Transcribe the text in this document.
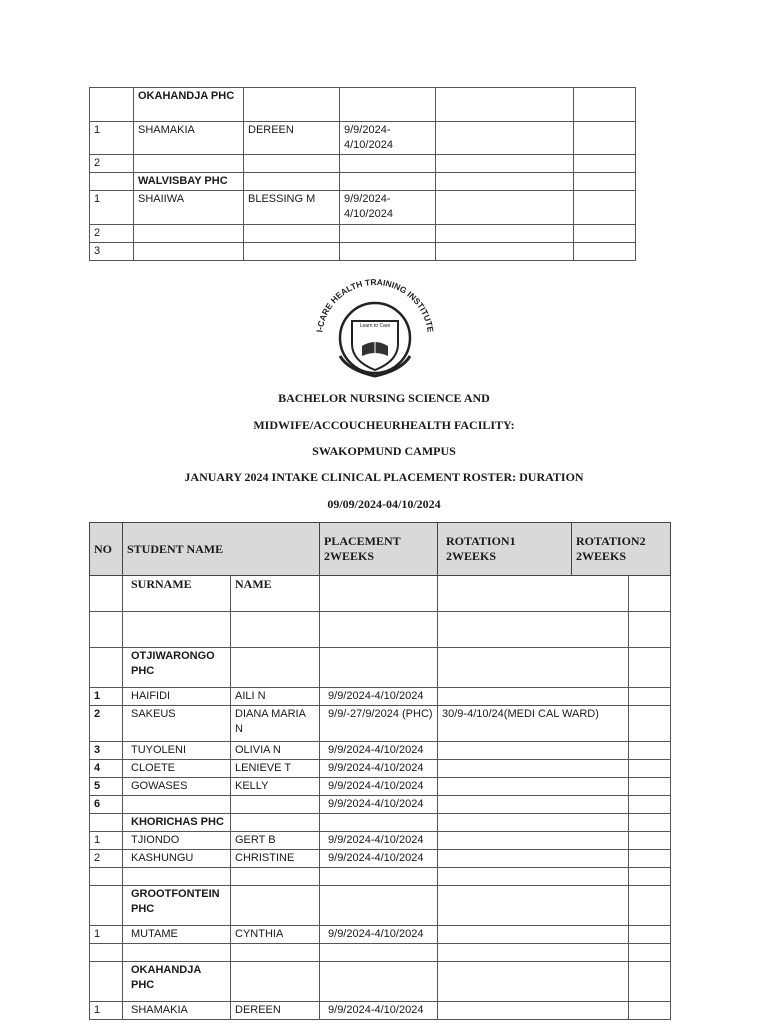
	OKAHANDJA PHC				
1	SHAMAKIA	DEREEN	9/9/2024-4/10/2024		
2					
	WALVISBAY PHC				
1	SHAIIWA	BLESSING M	9/9/2024-4/10/2024		
2					
3					
I-CARE HEALTH TRAINING INSTITUTE
Learn to Care
BACHELOR NURSING SCIENCE AND
MIDWIFE/ACCOUCHEURHEALTH FACILITY:
SWAKOPMUND CAMPUS
JANUARY 2024 INTAKE CLINICAL PLACEMENT ROSTER: DURATION
09/09/2024-04/10/2024
NO	STUDENT NAME		PLACEMENT 2WEEKS	ROTATION1 2WEEKS	ROTATION2 2WEEKS	
	SURNAME	NAME				

	OTJIWARONGO PHC					
1	HAIFIDI	AILI N	9/9/2024-4/10/2024			
2	SAKEUS	DIANA MARIA N	9/9/-27/9/2024 (PHC)	30/9-4/10/24(MEDI CAL WARD)		
3	TUYOLENI	OLIVIA N	9/9/2024-4/10/2024			
4	CLOETE	LENIEVE T	9/9/2024-4/10/2024			
5	GOWASES	KELLY	9/9/2024-4/10/2024			
6			9/9/2024-4/10/2024			
	KHORICHAS PHC					
1	TJIONDO	GERT B	9/9/2024-4/10/2024			
2	KASHUNGU	CHRISTINE	9/9/2024-4/10/2024			

	GROOTFONTEIN PHC					
1	MUTAME	CYNTHIA	9/9/2024-4/10/2024			

	OKAHANDJA PHC					
1	SHAMAKIA	DEREEN	9/9/2024-4/10/2024			
